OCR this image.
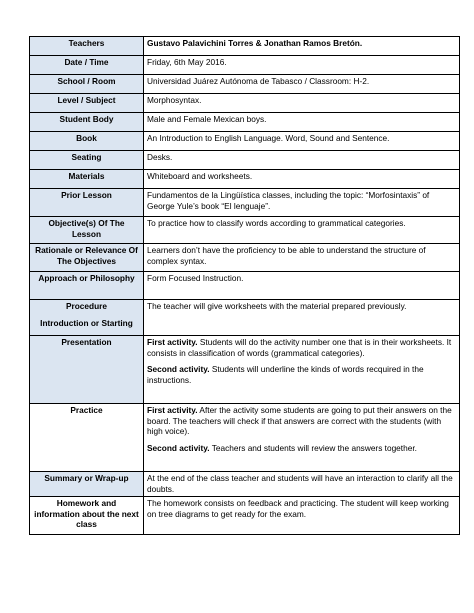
Teachers	Gustavo Palavichini Torres & Jonathan Ramos Bretón.
Date / Time	Friday, 6th May 2016.
School / Room	Universidad Juárez Autónoma de Tabasco / Classroom: H-2.
Level / Subject	Morphosyntax.
Student Body	Male and Female Mexican boys.
Book	An Introduction to English Language. Word, Sound and Sentence.
Seating	Desks.
Materials	Whiteboard and worksheets.
Prior Lesson	Fundamentos de la Lingüística classes, including the topic: “Morfosintaxis” of George Yule’s book “El lenguaje”.
Objective(s) Of The Lesson	To practice how to classify words according to grammatical categories.
Rationale or Relevance Of The Objectives	Learners don’t have the proficiency to be able to understand the structure of complex syntax.
Approach or Philosophy	Form Focused Instruction.

Procedure
Introduction or Starting	The teacher will give worksheets with the material prepared previously.
Presentation	First activity. Students will do the activity number one that is in their worksheets. It consists in classification of words (grammatical categories).
Second activity. Students will underline the kinds of words recquired in the instructions.

Practice	First activity. After the activity some students are going to put their answers on the board. The teachers will check if that answers are correct with the students (with high voice).
Second activity. Teachers and students will review the answers together.

Summary or Wrap-up	At the end of the class teacher and students will have an interaction to clarify all the doubts.
Homework and information about the next class	The homework consists on feedback and practicing. The student will keep working on tree diagrams to get ready for the exam.
